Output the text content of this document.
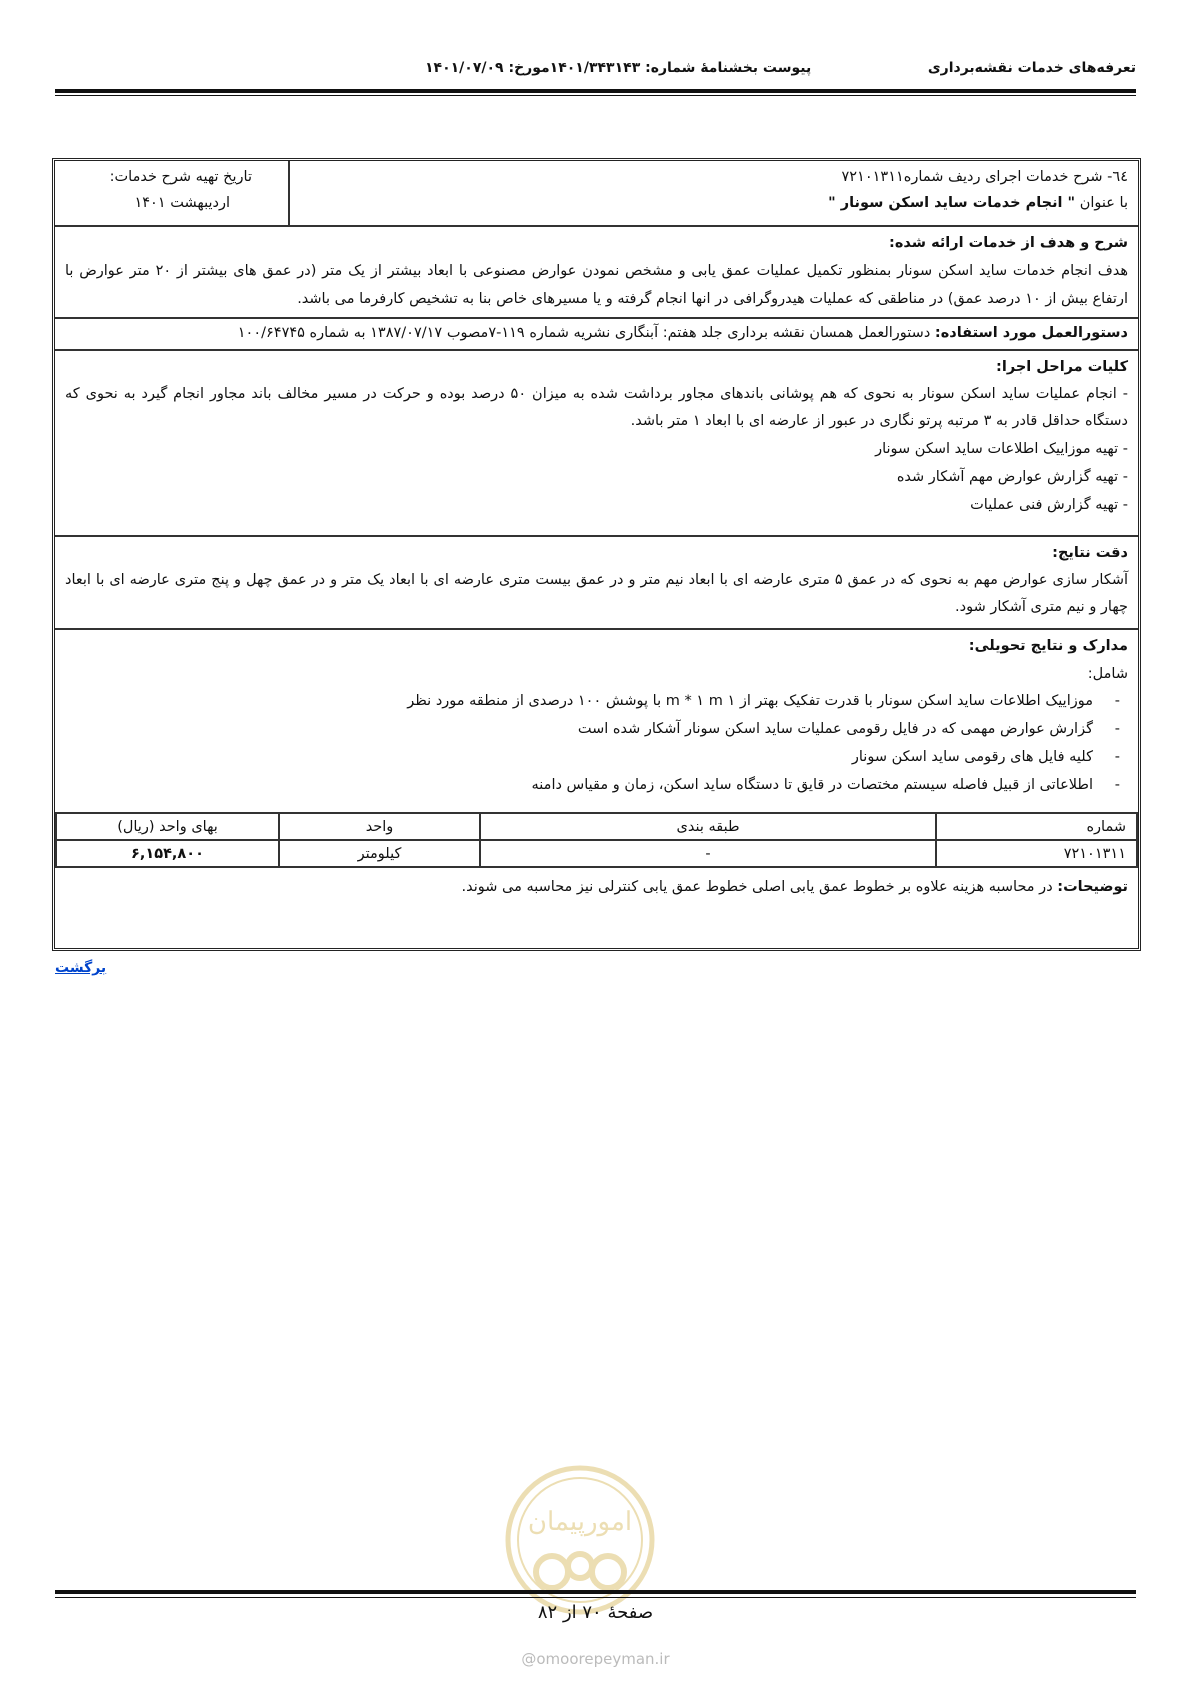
تعرفه‌های خدمات نقشه‌برداری
پیوست بخشنامهٔ شماره: ۱۴۰۱/۳۴۳۱۴۳مورخ: ۱۴۰۱/۰۷/۰۹
٦٤- شرح خدمات اجرای ردیف شماره۷۲۱۰۱۳۱۱
با عنوان " انجام خدمات ساید اسکن سونار "
تاریخ تهیه شرح خدمات:
اردیبهشت ۱۴۰۱
شرح و هدف از خدمات ارائه شده:
هدف انجام خدمات ساید اسکن سونار بمنظور تکمیل عملیات عمق یابی و مشخص نمودن عوارض مصنوعی با ابعاد بیشتر از یک متر (در عمق های بیشتر از ۲۰ متر عوارض با
ارتفاع بیش از ۱۰ درصد عمق) در مناطقی که عملیات هیدروگرافی در انها انجام گرفته و یا مسیرهای خاص بنا به تشخیص کارفرما می باشد.
دستورالعمل مورد استفاده: دستورالعمل همسان نقشه برداری جلد هفتم: آبنگاری نشریه شماره ۱۱۹-۷مصوب ۱۳۸۷/۰۷/۱۷ به شماره ۱۰۰/۶۴۷۴۵
کلیات مراحل اجرا:
- انجام عملیات ساید اسکن سونار به نحوی که هم پوشانی باندهای مجاور برداشت شده به میزان ۵۰ درصد بوده و حرکت در مسیر مخالف باند مجاور انجام گیرد به نحوی که
دستگاه حداقل قادر به ۳ مرتبه پرتو نگاری در عبور از عارضه ای با ابعاد ۱ متر باشد.
- تهیه موزاییک اطلاعات ساید اسکن سونار
- تهیه گزارش عوارض مهم آشکار شده
- تهیه گزارش فنی عملیات
دقت نتایج:
آشکار سازی عوارض مهم به نحوی که در عمق ۵ متری عارضه ای با ابعاد نیم متر و در عمق بیست متری عارضه ای با ابعاد یک متر و در عمق چهل و پنج متری عارضه ای با ابعاد
چهار و نیم متری آشکار شود.
مدارک و نتایج تحویلی:
شامل:
-
موزاییک اطلاعات ساید اسکن سونار با قدرت تفکیک بهتر از ۱ m * ۱ m با پوشش ۱۰۰ درصدی از منطقه مورد نظر
-
گزارش عوارض مهمی که در فایل رقومی عملیات ساید اسکن سونار آشکار شده است
-
کلیه فایل های رقومی ساید اسکن سونار
-
اطلاعاتی از قبیل فاصله سیستم مختصات در قایق تا دستگاه ساید اسکن، زمان و مقیاس دامنه
شماره	طبقه بندی	واحد	بهای واحد (ریال)
۷۲۱۰۱۳۱۱	-	کیلومتر	۶,۱۵۴,۸۰۰
توضیحات: در محاسبه هزینه علاوه بر خطوط عمق یابی اصلی خطوط عمق یابی کنترلی نیز محاسبه می شوند.
برگشت
امورپیمان
صفحهٔ ۷۰ از ۸۲
@omoorepeyman.ir
